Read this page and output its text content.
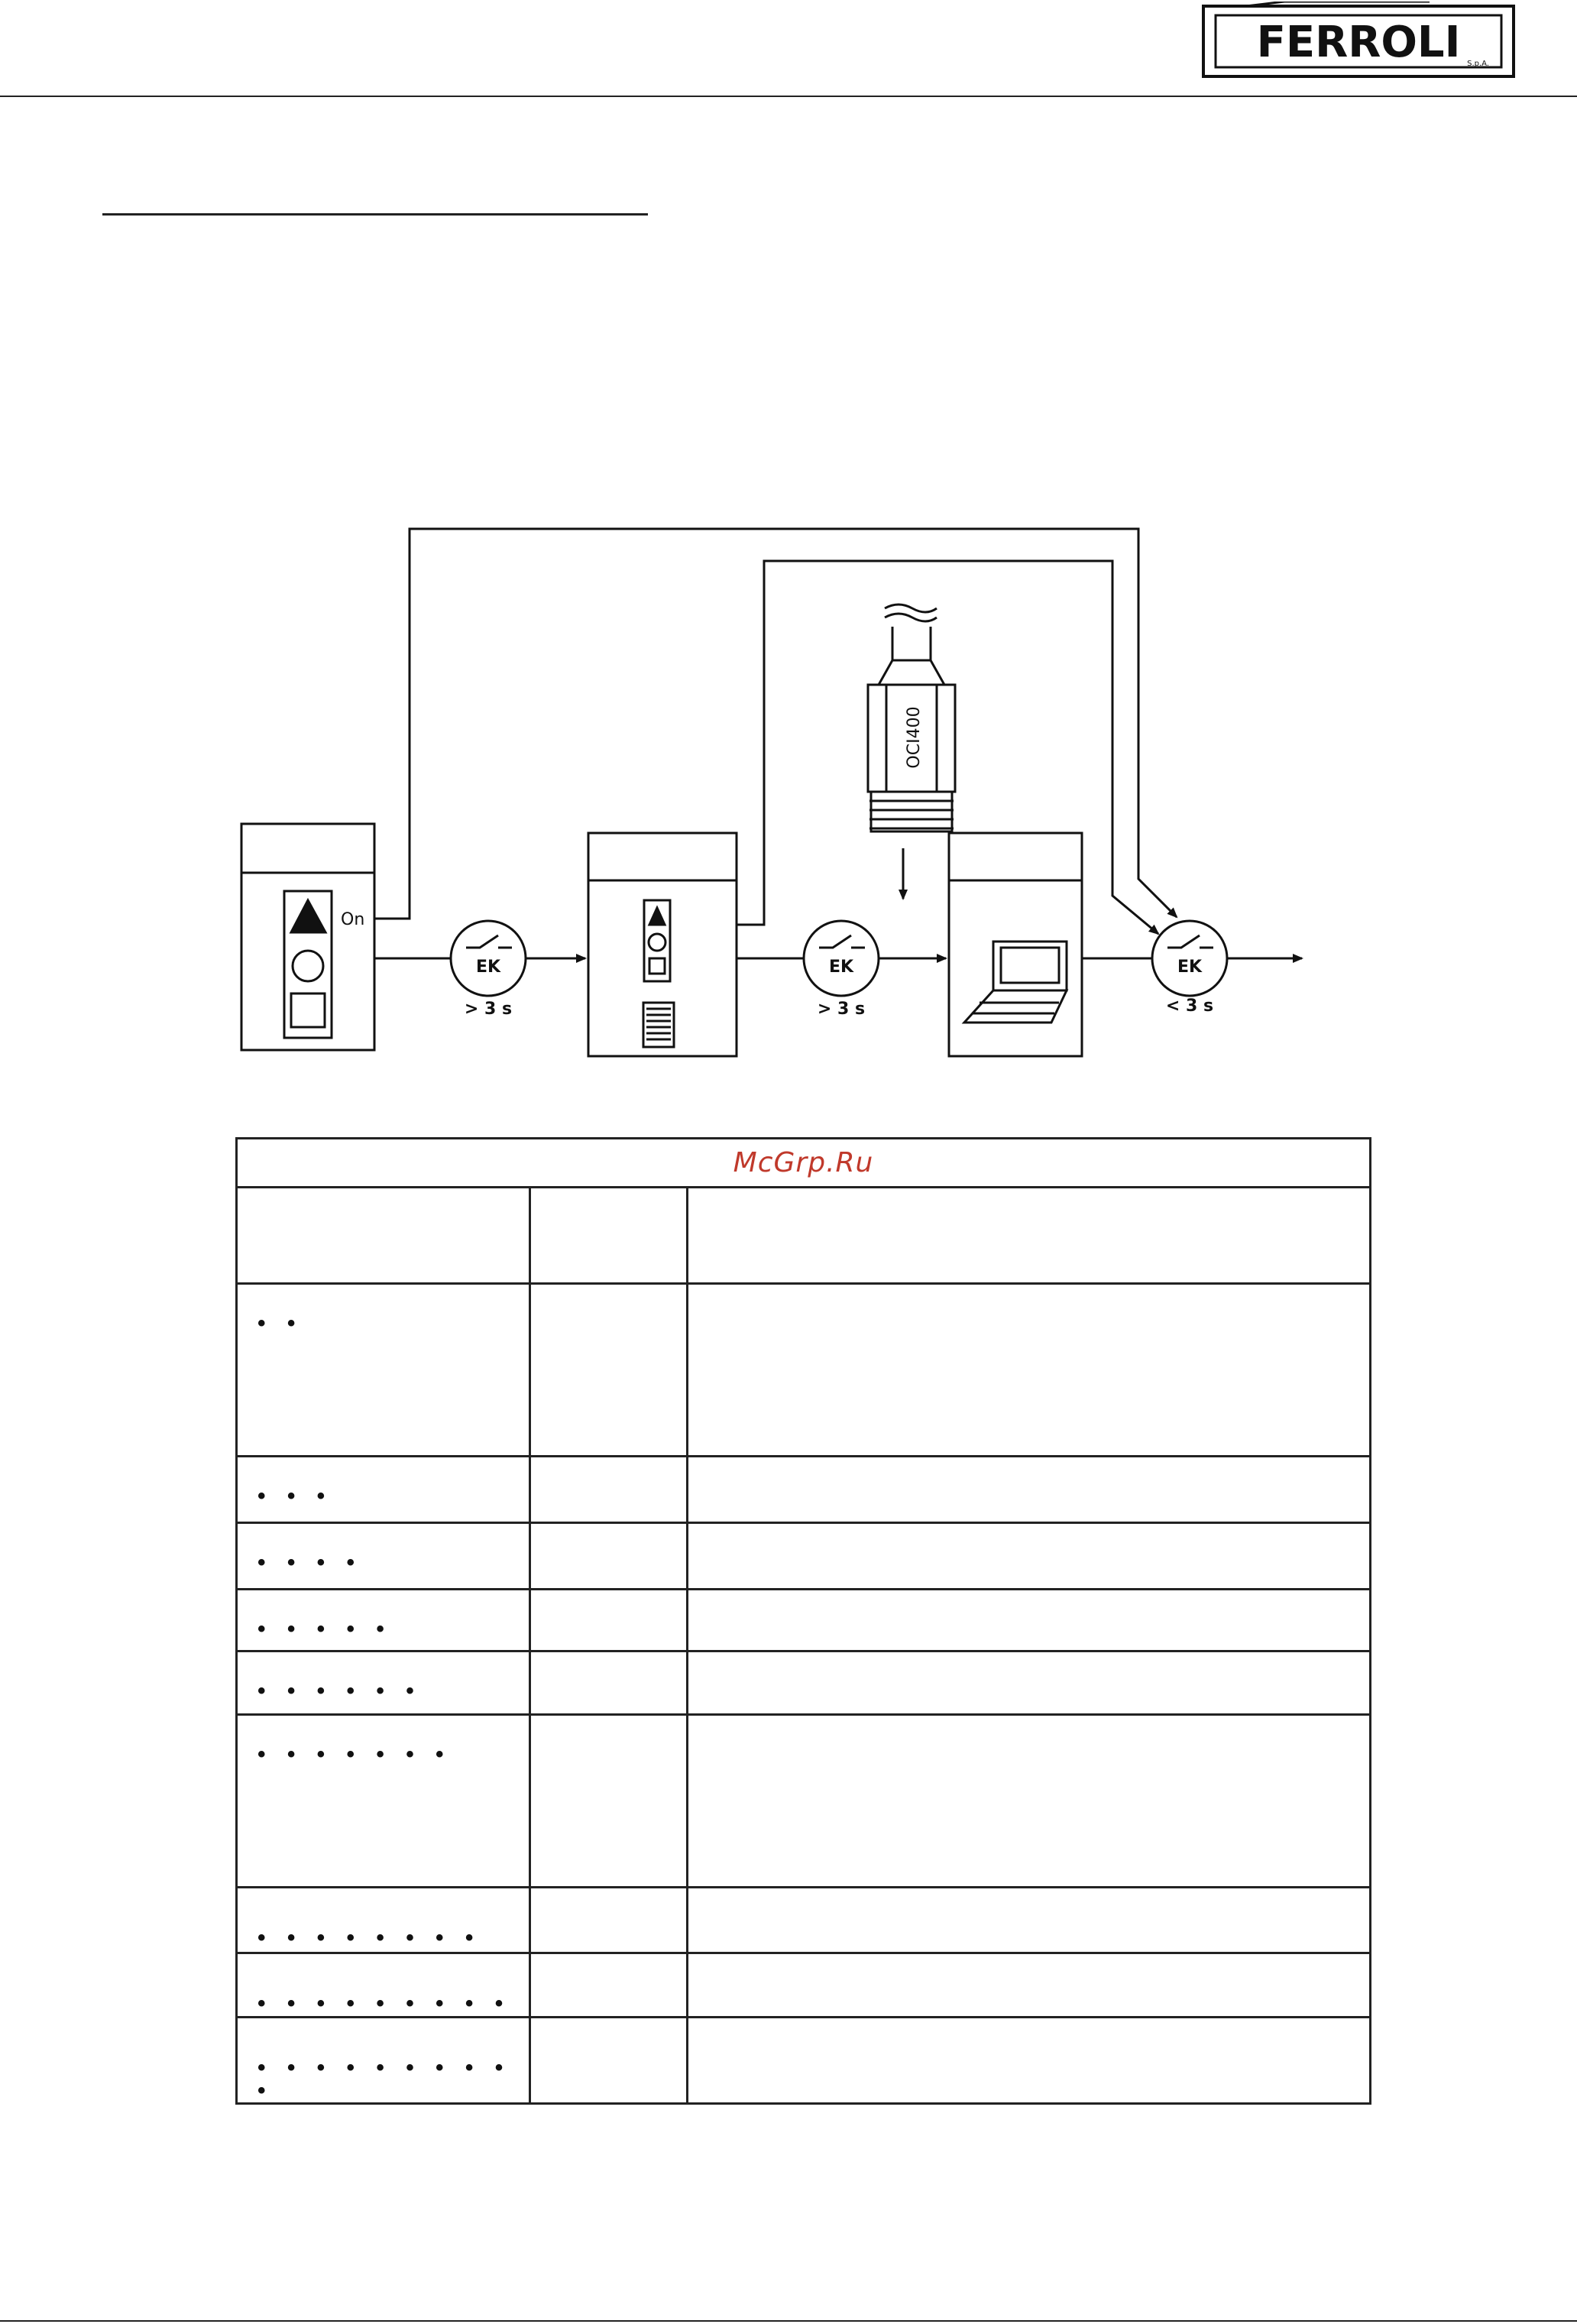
FERROLI S.p.A.
On
OCI400
EK	EK	EK
> 3 s	> 3 s	< 3 s
McGrp.Ru		

• •		

• • •		

• • • •		

• • • • •		

• • • • • •		

• • • • • • •		

• • • • • • • •		

• • • • • • • • •		

• • • • • • • • • •		
